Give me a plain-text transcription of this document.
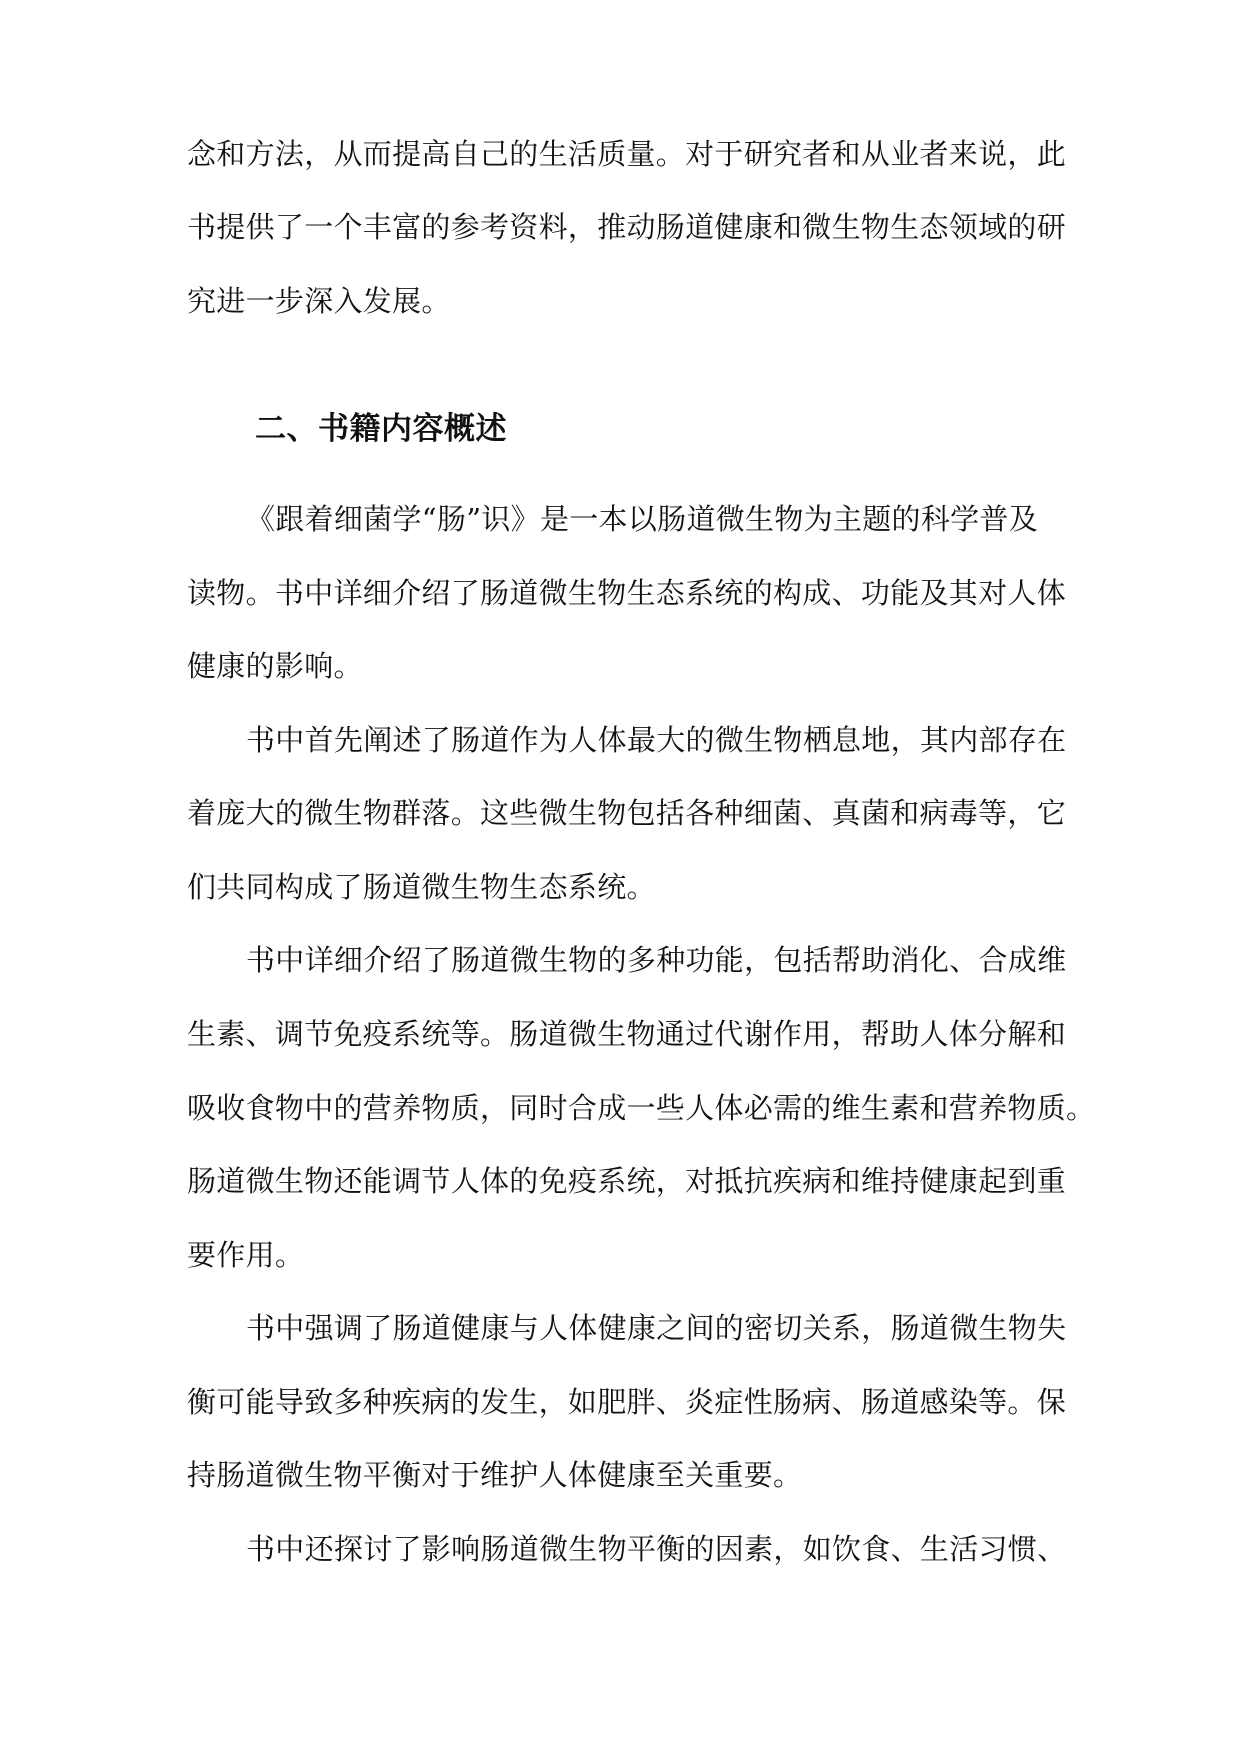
念和方法，从而提高自己的生活质量。对于研究者和从业者来说，此
书提供了一个丰富的参考资料，推动肠道健康和微生物生态领域的研
究进一步深入发展。
二、书籍内容概述
《跟着细菌学“肠”识》是一本以肠道微生物为主题的科学普及
读物。书中详细介绍了肠道微生物生态系统的构成、功能及其对人体
健康的影响。
书中首先阐述了肠道作为人体最大的微生物栖息地，其内部存在
着庞大的微生物群落。这些微生物包括各种细菌、真菌和病毒等，它
们共同构成了肠道微生物生态系统。
书中详细介绍了肠道微生物的多种功能，包括帮助消化、合成维
生素、调节免疫系统等。肠道微生物通过代谢作用，帮助人体分解和
吸收食物中的营养物质，同时合成一些人体必需的维生素和营养物质。
肠道微生物还能调节人体的免疫系统，对抵抗疾病和维持健康起到重
要作用。
书中强调了肠道健康与人体健康之间的密切关系，肠道微生物失
衡可能导致多种疾病的发生，如肥胖、炎症性肠病、肠道感染等。保
持肠道微生物平衡对于维护人体健康至关重要。
书中还探讨了影响肠道微生物平衡的因素，如饮食、生活习惯、
